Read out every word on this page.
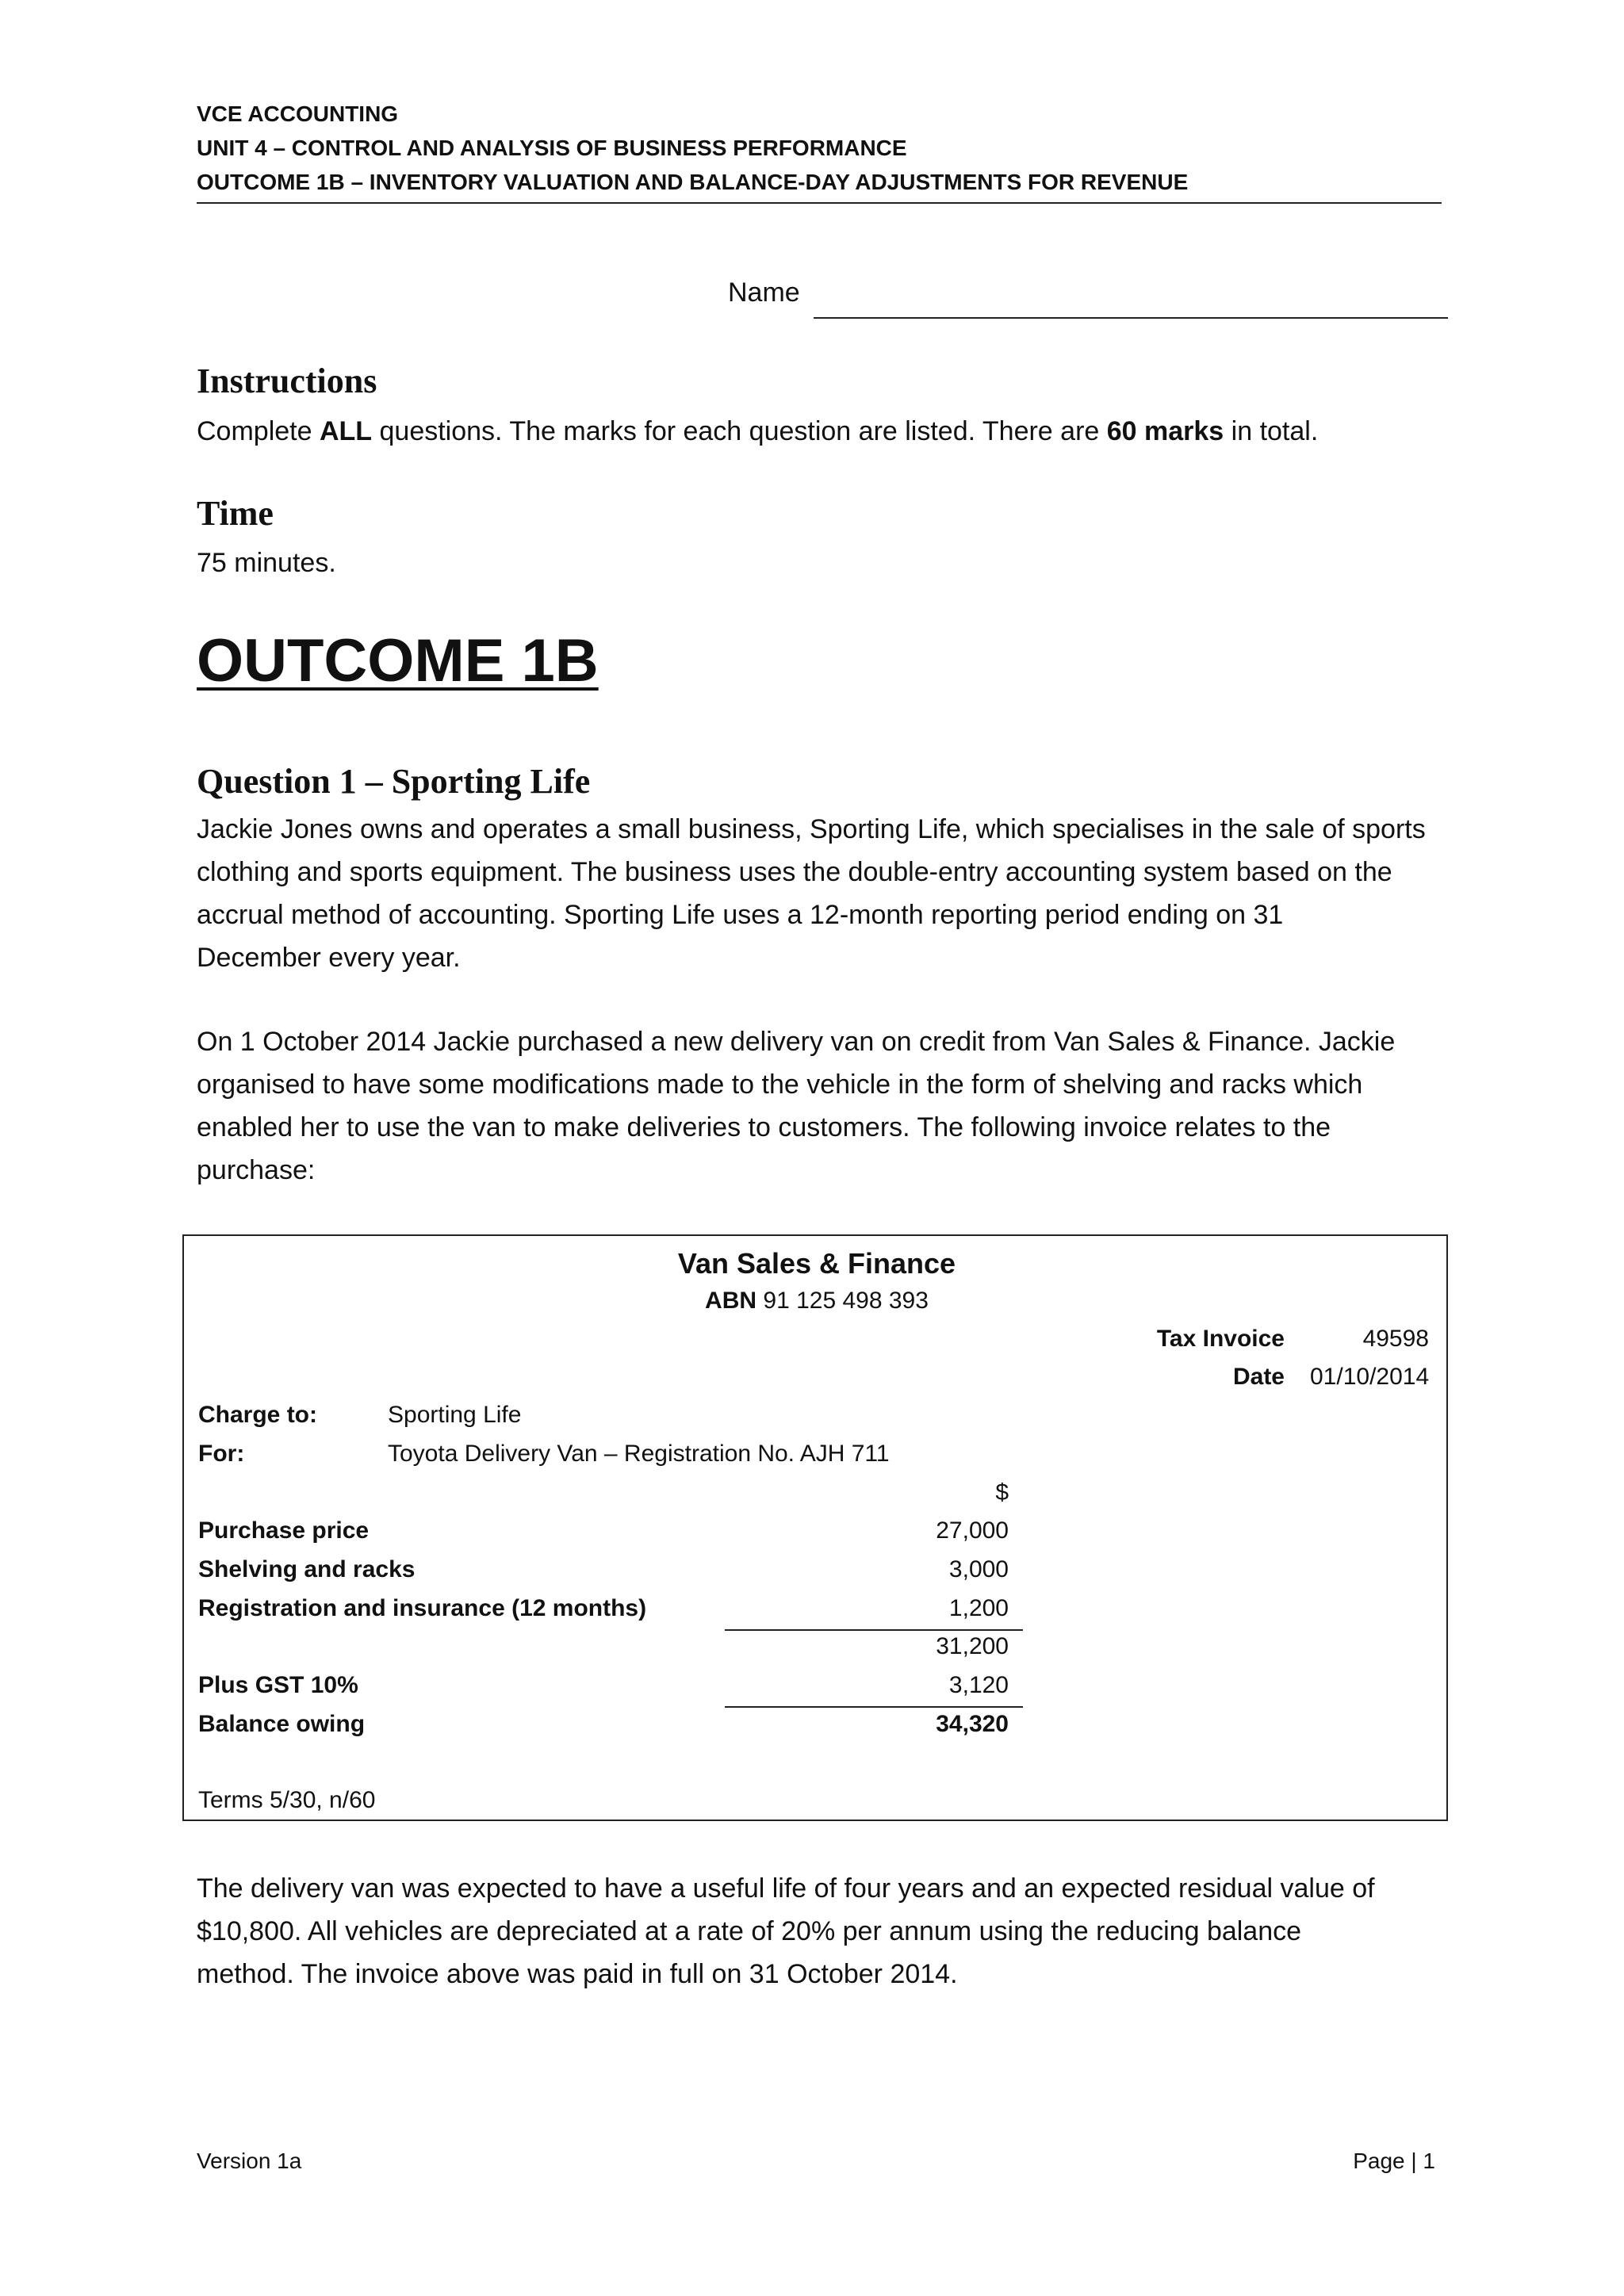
VCE ACCOUNTING
UNIT 4 – CONTROL AND ANALYSIS OF BUSINESS PERFORMANCE
OUTCOME 1B – INVENTORY VALUATION AND BALANCE-DAY ADJUSTMENTS FOR REVENUE
Name
Instructions
Complete ALL questions. The marks for each question are listed. There are 60 marks in total.
Time
75 minutes.
OUTCOME 1B
Question 1 – Sporting Life
Jackie Jones owns and operates a small business, Sporting Life, which specialises in the sale of sports
clothing and sports equipment. The business uses the double-entry accounting system based on the
accrual method of accounting. Sporting Life uses a 12-month reporting period ending on 31
December every year.
On 1 October 2014 Jackie purchased a new delivery van on credit from Van Sales & Finance. Jackie
organised to have some modifications made to the vehicle in the form of shelving and racks which
enabled her to use the van to make deliveries to customers. The following invoice relates to the
purchase:
Van Sales & Finance
ABN 91 125 498 393
Tax Invoice	49598
Date 01/10/2014
Charge to:	Sporting Life
For:	Toyota Delivery Van – Registration No. AJH 711
$
Purchase price	27,000
Shelving and racks	3,000
Registration and insurance (12 months)	1,200
31,200
Plus GST 10%	3,120
Balance owing	34,320
Terms 5/30, n/60
The delivery van was expected to have a useful life of four years and an expected residual value of
$10,800. All vehicles are depreciated at a rate of 20% per annum using the reducing balance
method. The invoice above was paid in full on 31 October 2014.
Version 1a	Page | 1
